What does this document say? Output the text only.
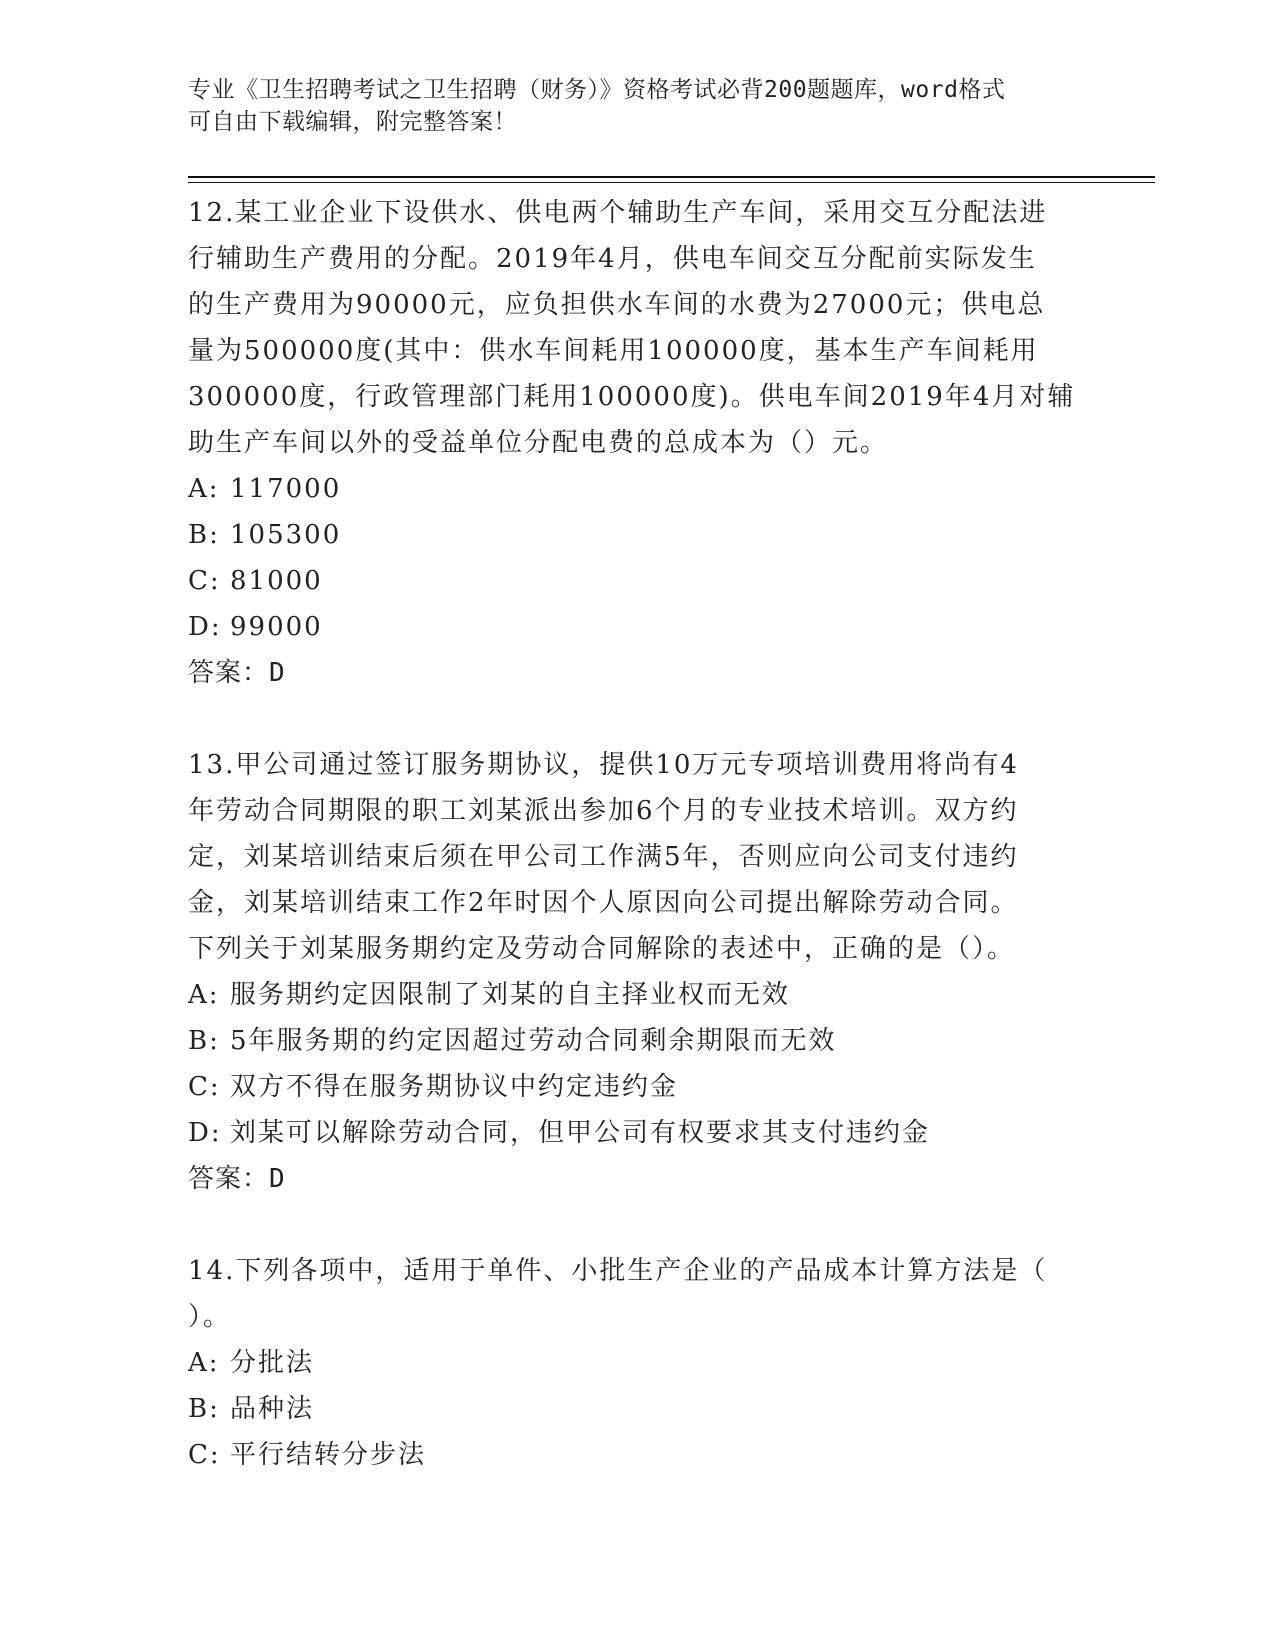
专业《卫生招聘考试之卫生招聘（财务）》资格考试必背200题题库，word格式
可自由下载编辑，附完整答案！

12.某工业企业下设供水、供电两个辅助生产车间，采用交互分配法进

行辅助生产费用的分配。2019年4月，供电车间交互分配前实际发生

的生产费用为90000元，应负担供水车间的水费为27000元；供电总

量为500000度(其中：供水车间耗用100000度，基本生产车间耗用

300000度，行政管理部门耗用100000度)。供电车间2019年4月对辅

助生产车间以外的受益单位分配电费的总成本为（）元。

A: 117000

B: 105300

C: 81000

D: 99000

答案：D

13.甲公司通过签订服务期协议，提供10万元专项培训费用将尚有4

年劳动合同期限的职工刘某派出参加6个月的专业技术培训。双方约

定，刘某培训结束后须在甲公司工作满5年，否则应向公司支付违约

金，刘某培训结束工作2年时因个人原因向公司提出解除劳动合同。

下列关于刘某服务期约定及劳动合同解除的表述中，正确的是（）。

A: 服务期约定因限制了刘某的自主择业权而无效

B: 5年服务期的约定因超过劳动合同剩余期限而无效

C: 双方不得在服务期协议中约定违约金

D: 刘某可以解除劳动合同，但甲公司有权要求其支付违约金

答案：D

14.下列各项中，适用于单件、小批生产企业的产品成本计算方法是（

）。

A: 分批法

B: 品种法

C: 平行结转分步法
